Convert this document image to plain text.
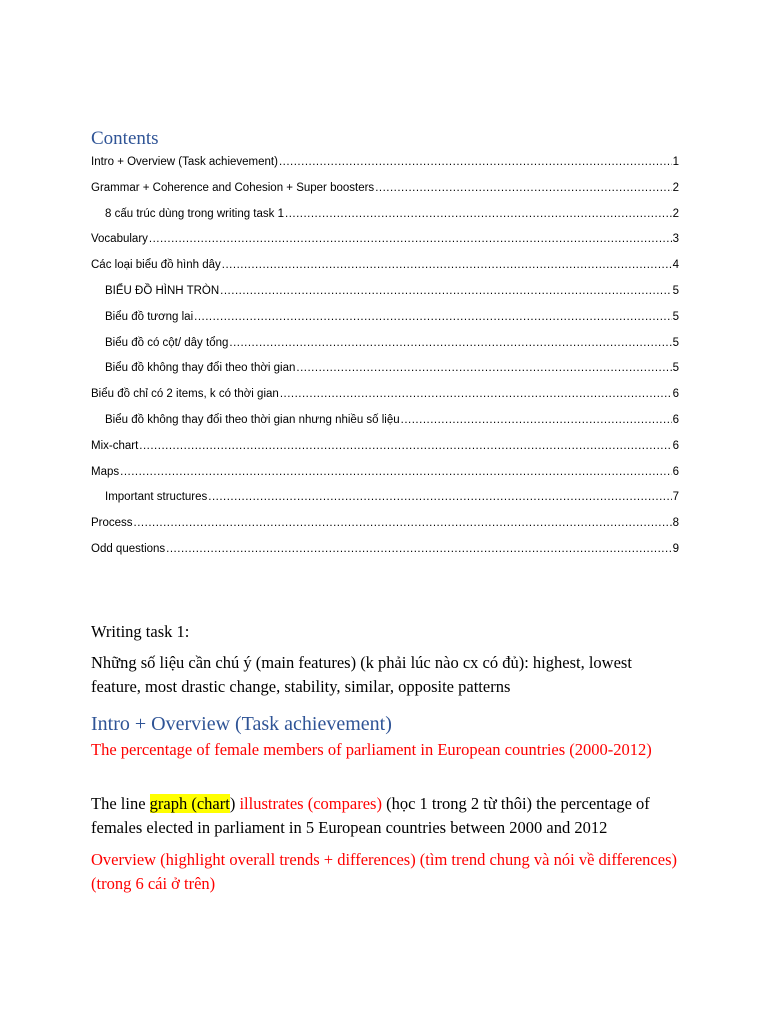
Contents
Intro + Overview (Task achievement) .....	1
Grammar + Coherence and Cohesion + Super boosters .....	2
8 cấu trúc dùng trong writing task 1 .....	2
Vocabulary .....	3
Các loại biểu đồ hình dây .....	4
BIỂU ĐỒ HÌNH TRÒN .....	5
Biểu đồ tương lai .....	5
Biểu đồ có cột/ dây tổng .....	5
Biểu đồ không thay đổi theo thời gian .....	5
Biểu đồ chỉ có 2 items, k có thời gian .....	6
Biểu đồ không thay đổi theo thời gian nhưng nhiều số liệu .....	6
Mix-chart .....	6
Maps .....	6
Important structures .....	7
Process .....	8
Odd questions .....	9

Writing task 1:

Những số liệu cần chú ý (main features) (k phải lúc nào cx có đủ): highest, lowest feature, most drastic change, stability, similar, opposite patterns

Intro + Overview (Task achievement)

The percentage of female members of parliament in European countries (2000-2012)

The line graph (chart) illustrates (compares) (học 1 trong 2 từ thôi) the percentage of females elected in parliament in 5 European countries between 2000 and 2012

Overview (highlight overall trends + differences) (tìm trend chung và nói về differences) (trong 6 cái ở trên)
